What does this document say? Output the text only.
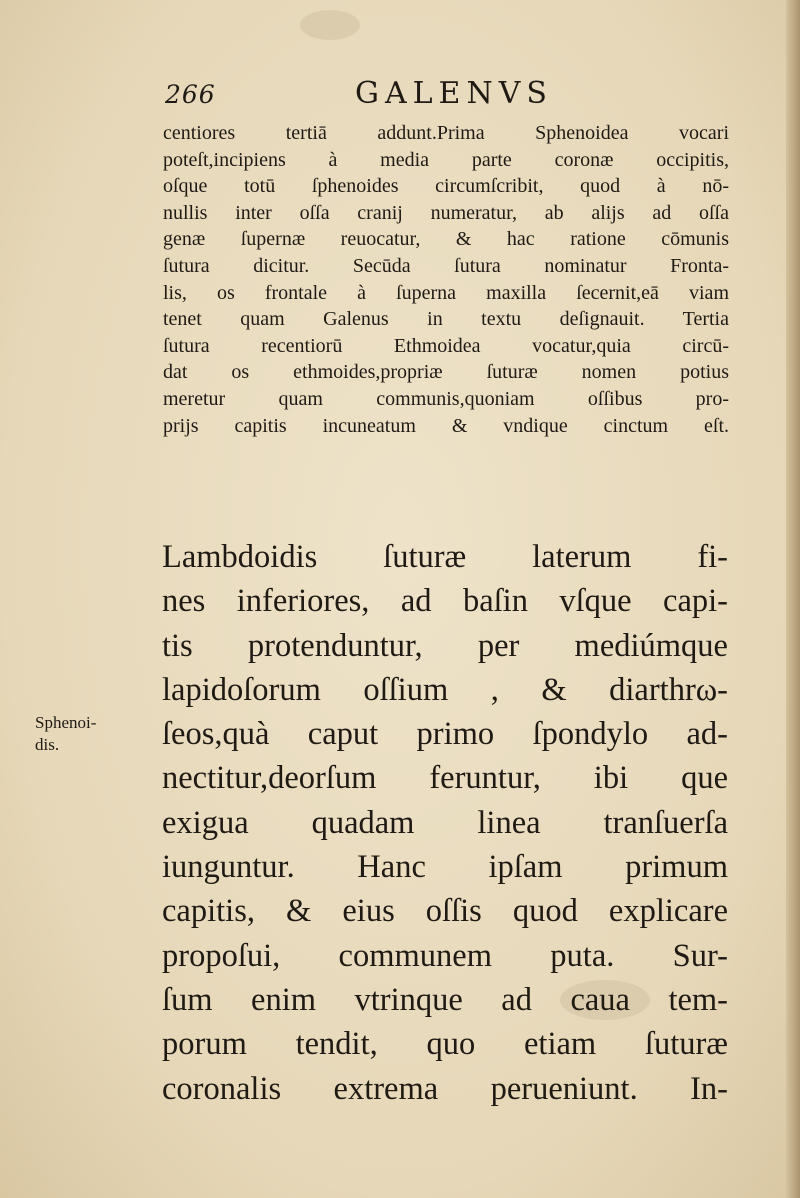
266	GALENVS
Sphenoi-
dis.
centiores tertiā addunt.Prima Sphenoidea vocari
poteſt,incipiens à media parte coronæ occipitis,
oſque totū ſphenoides circumſcribit, quod à nō-
nullis inter oſſa cranij numeratur, ab alijs ad oſſa
genæ ſupernæ reuocatur, & hac ratione cōmunis
ſutura dicitur. Secūda ſutura nominatur Fronta-
lis, os frontale à ſuperna maxilla ſecernit,eā viam
tenet quam Galenus in textu deſignauit. Tertia
ſutura recentiorū Ethmoidea vocatur,quia circū-
dat os ethmoides,propriæ ſuturæ nomen potius
meretur quam communis,quoniam oſſibus pro-
prijs capitis incuneatum & vndique cinctum eſt.
Lambdoidis ſuturæ laterum fi-
nes inferiores, ad baſin vſque capi-
tis protenduntur, per mediúmque
lapidoſorum oſſium , & diarthrω-
ſeos,quà caput primo ſpondylo ad-
nectitur,deorſum feruntur, ibi que
exigua quadam linea tranſuerſa
iunguntur. Hanc ipſam primum
capitis, & eius oſſis quod explicare
propoſui, communem puta. Sur-
ſum enim vtrinque ad caua tem-
porum tendit, quo etiam ſuturæ
coronalis extrema perueniunt. In-
